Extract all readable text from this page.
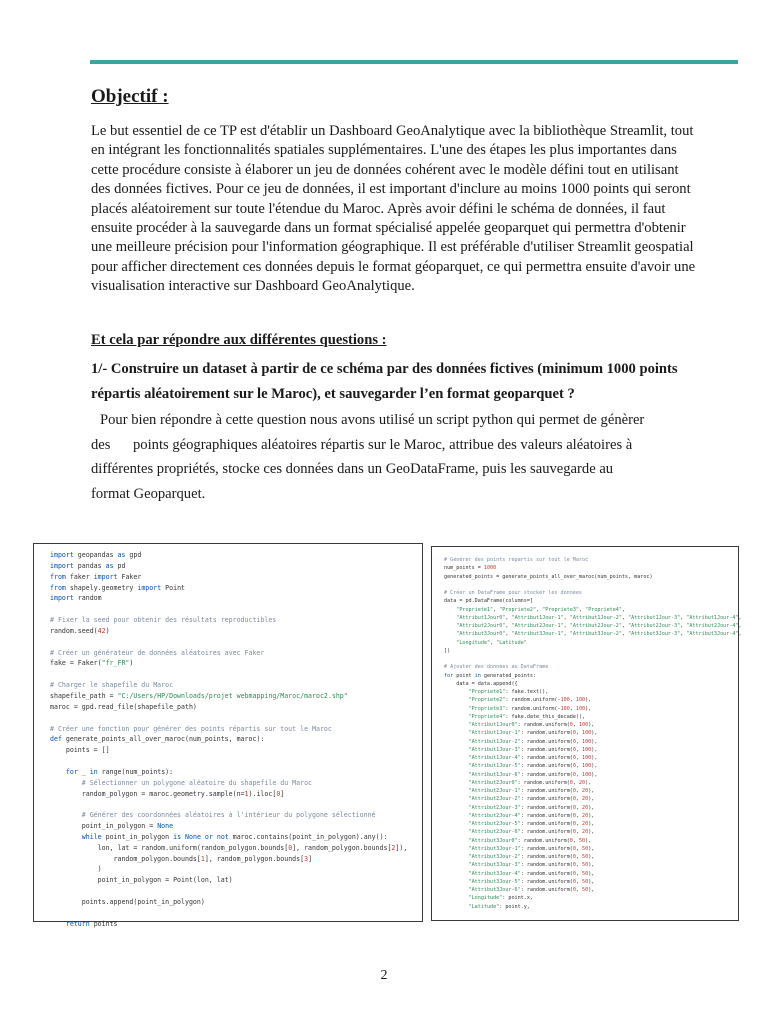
Objectif :

Le but essentiel de ce TP est d'établir un Dashboard GeoAnalytique avec la bibliothèque Streamlit, tout en intégrant les fonctionnalités spatiales supplémentaires. L'une des étapes les plus importantes dans cette procédure consiste à élaborer un jeu de données cohérent avec le modèle défini tout en utilisant des données fictives. Pour ce jeu de données, il est important d'inclure au moins 1000 points qui seront placés aléatoirement sur toute l'étendue du Maroc. Après avoir défini le schéma de données, il faut ensuite procéder à la sauvegarde dans un format spécialisé appelée geoparquet qui permettra d'obtenir une meilleure précision pour l'information géographique. Il est préférable d'utiliser Streamlit geospatial pour afficher directement ces données depuis le format géoparquet, ce qui permettra ensuite d'avoir une visualisation interactive sur Dashboard GeoAnalytique.

Et cela par répondre aux différentes questions :

1/- Construire un dataset à partir de ce schéma par des données fictives (minimum 1000 points répartis aléatoirement sur le Maroc), et sauvegarder l’en format geoparquet ?

Pour bien répondre à cette question nous avons utilisé un script python qui permet de génèrer
des points géographiques aléatoires répartis sur le Maroc, attribue des valeurs aléatoires à
différentes propriétés, stocke ces données dans un GeoDataFrame, puis les sauvegarde au
format Geoparquet.

import geopandas as gpd
import pandas as pd
from faker import Faker
from shapely.geometry import Point
import random

# Fixer la seed pour obtenir des résultats reproductibles
random.seed(42)

# Créer un générateur de données aléatoires avec Faker
fake = Faker("fr_FR")

# Charger le shapefile du Maroc
shapefile_path = "C:/Users/HP/Downloads/projet webmapping/Maroc/maroc2.shp"
maroc = gpd.read_file(shapefile_path)

# Créer une fonction pour générer des points répartis sur tout le Maroc
def generate_points_all_over_maroc(num_points, maroc):
points = []

for _ in range(num_points):
# Sélectionner un polygone aléatoire du shapefile du Maroc
random_polygon = maroc.geometry.sample(n=1).iloc[0]

# Générer des coordonnées aléatoires à l'intérieur du polygone sélectionné
point_in_polygon = None
while point_in_polygon is None or not maroc.contains(point_in_polygon).any():
lon, lat = random.uniform(random_polygon.bounds[0], random_polygon.bounds[2]),
random_polygon.bounds[1], random_polygon.bounds[3]
)
point_in_polygon = Point(lon, lat)

points.append(point_in_polygon)

return points

# Générer des points répartis sur tout le Maroc
num_points = 1000
generated_points = generate_points_all_over_maroc(num_points, maroc)

# Créer un DataFrame pour stocker les données
data = pd.DataFrame(columns=[
"Propriete1", "Propriete2", "Propriete3", "Propriete4",
"Attribut1Jour0", "Attribut1Jour-1", "Attribut1Jour-2", "Attribut1Jour-3", "Attribut1Jour-4",
"Attribut2Jour0", "Attribut2Jour-1", "Attribut2Jour-2", "Attribut2Jour-3", "Attribut2Jour-4",
"Attribut3Jour0", "Attribut3Jour-1", "Attribut3Jour-2", "Attribut3Jour-3", "Attribut3Jour-4",
"Longitude", "Latitude"
])

# Ajouter des données au DataFrame
for point in generated_points:
data = data.append({
"Propriete1": fake.text(),
"Propriete2": random.uniform(-100, 100),
"Propriete3": random.uniform(-100, 100),
"Propriete4": fake.date_this_decade(),
"Attribut1Jour0": random.uniform(0, 100),
"Attribut1Jour-1": random.uniform(0, 100),
"Attribut1Jour-2": random.uniform(0, 100),
"Attribut1Jour-3": random.uniform(0, 100),
"Attribut1Jour-4": random.uniform(0, 100),
"Attribut1Jour-5": random.uniform(0, 100),
"Attribut1Jour-6": random.uniform(0, 100),
"Attribut2Jour0": random.uniform(0, 20),
"Attribut2Jour-1": random.uniform(0, 20),
"Attribut2Jour-2": random.uniform(0, 20),
"Attribut2Jour-3": random.uniform(0, 20),
"Attribut2Jour-4": random.uniform(0, 20),
"Attribut2Jour-5": random.uniform(0, 20),
"Attribut2Jour-6": random.uniform(0, 20),
"Attribut3Jour0": random.uniform(0, 50),
"Attribut3Jour-1": random.uniform(0, 50),
"Attribut3Jour-2": random.uniform(0, 50),
"Attribut3Jour-3": random.uniform(0, 50),
"Attribut3Jour-4": random.uniform(0, 50),
"Attribut3Jour-5": random.uniform(0, 50),
"Attribut3Jour-6": random.uniform(0, 50),
"Longitude": point.x,
"Latitude": point.y,

2
